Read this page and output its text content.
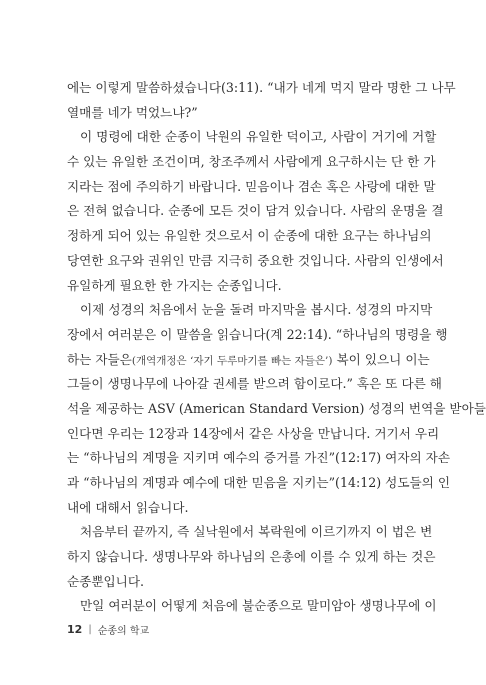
에는 이렇게 말씀하셨습니다(3:11). “내가 네게 먹지 말라 명한 그 나무
열매를 네가 먹었느냐?”
이 명령에 대한 순종이 낙원의 유일한 덕이고, 사람이 거기에 거할
수 있는 유일한 조건이며, 창조주께서 사람에게 요구하시는 단 한 가
지라는 점에 주의하기 바랍니다. 믿음이나 겸손 혹은 사랑에 대한 말
은 전혀 없습니다. 순종에 모든 것이 담겨 있습니다. 사람의 운명을 결
정하게 되어 있는 유일한 것으로서 이 순종에 대한 요구는 하나님의
당연한 요구와 권위인 만큼 지극히 중요한 것입니다. 사람의 인생에서
유일하게 필요한 한 가지는 순종입니다.
이제 성경의 처음에서 눈을 돌려 마지막을 봅시다. 성경의 마지막
장에서 여러분은 이 말씀을 읽습니다(계 22:14). “하나님의 명령을 행
하는 자들은(개역개정은 ‘자기 두루마기를 빠는 자들은’) 복이 있으니 이는
그들이 생명나무에 나아갈 권세를 받으려 함이로다.” 혹은 또 다른 해
석을 제공하는 ASV (American Standard Version) 성경의 번역을 받아들
인다면 우리는 12장과 14장에서 같은 사상을 만납니다. 거기서 우리
는 “하나님의 계명을 지키며 예수의 증거를 가진”(12:17) 여자의 자손
과 “하나님의 계명과 예수에 대한 믿음을 지키는”(14:12) 성도들의 인
내에 대해서 읽습니다.
처음부터 끝까지, 즉 실낙원에서 복락원에 이르기까지 이 법은 변
하지 않습니다. 생명나무와 하나님의 은총에 이를 수 있게 하는 것은
순종뿐입니다.
만일 여러분이 어떻게 처음에 불순종으로 말미암아 생명나무에 이
12 | 순종의 학교
